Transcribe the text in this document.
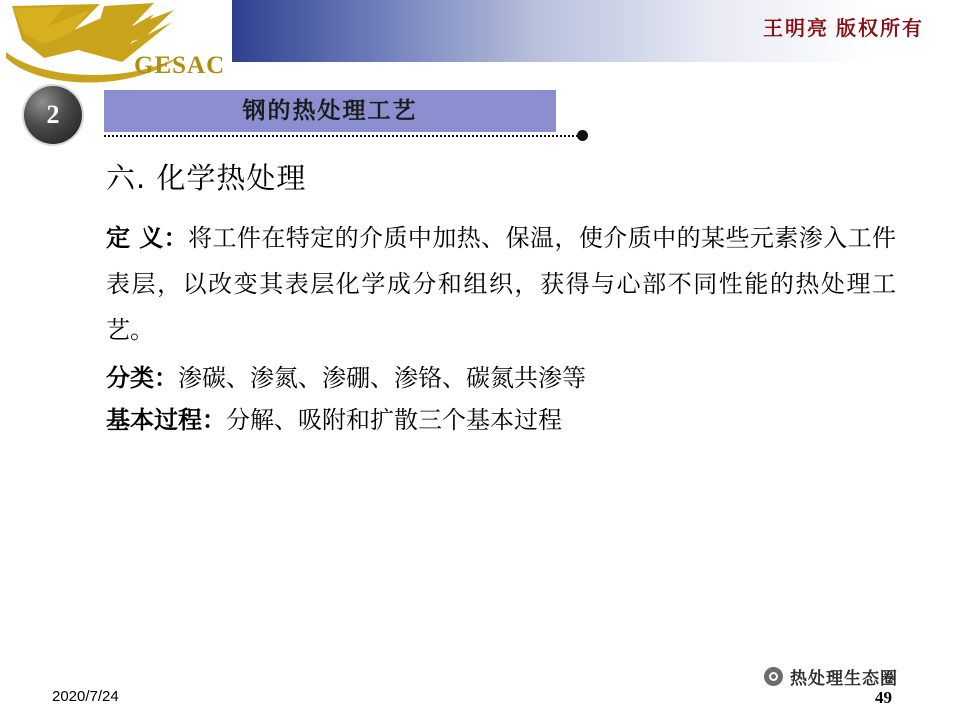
王明亮 版权所有
GESAC
2	钢的热处理工艺
六. 化学热处理

定 义：将工件在特定的介质中加热、保温，使介质中的某些元素渗入工件表层，以改变其表层化学成分和组织，获得与心部不同性能的热处理工艺。

分类：渗碳、渗氮、渗硼、渗铬、碳氮共渗等

基本过程：分解、吸附和扩散三个基本过程

2020/7/24
热处理生态圈
49
